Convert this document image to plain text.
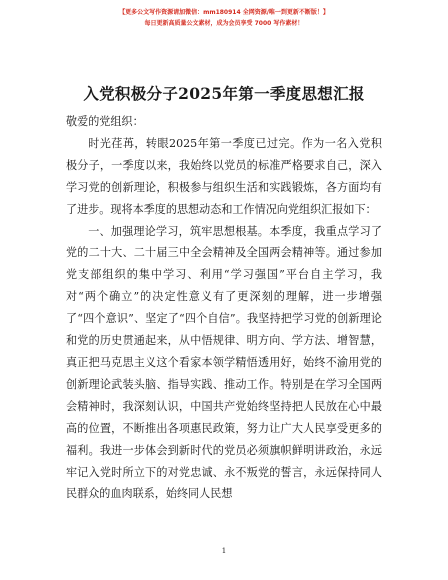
【更多公文写作资源请加微信：mm180914 全网资源/唯一到更新不断版！】
每日更新高质量公文素材，成为会员享受 7000 写作素材！
入党积极分子2025年第一季度思想汇报

敬爱的党组织：

时光荏苒，转眼2025年第一季度已过完。作为一名入党积极分子，一季度以来，我始终以党员的标准严格要求自己，深入学习党的创新理论，积极参与组织生活和实践锻炼，各方面均有了进步。现将本季度的思想动态和工作情况向党组织汇报如下：

一、加强理论学习，筑牢思想根基。本季度，我重点学习了党的二十大、二十届三中全会精神及全国两会精神等。通过参加党支部组织的集中学习、利用“学习强国”平台自主学习，我对“两个确立”的决定性意义有了更深刻的理解，进一步增强了“四个意识”、坚定了“四个自信”。我坚持把学习党的创新理论和党的历史贯通起来，从中悟规律、明方向、学方法、增智慧，真正把马克思主义这个看家本领学精悟透用好，始终不渝用党的创新理论武装头脑、指导实践、推动工作。特别是在学习全国两会精神时，我深刻认识，中国共产党始终坚持把人民放在心中最高的位置，不断推出各项惠民政策，努力让广大人民享受更多的福利。我进一步体会到新时代的党员必须旗帜鲜明讲政治，永远牢记入党时所立下的对党忠诚、永不叛党的誓言，永远保持同人民群众的血肉联系，始终同人民想

1
